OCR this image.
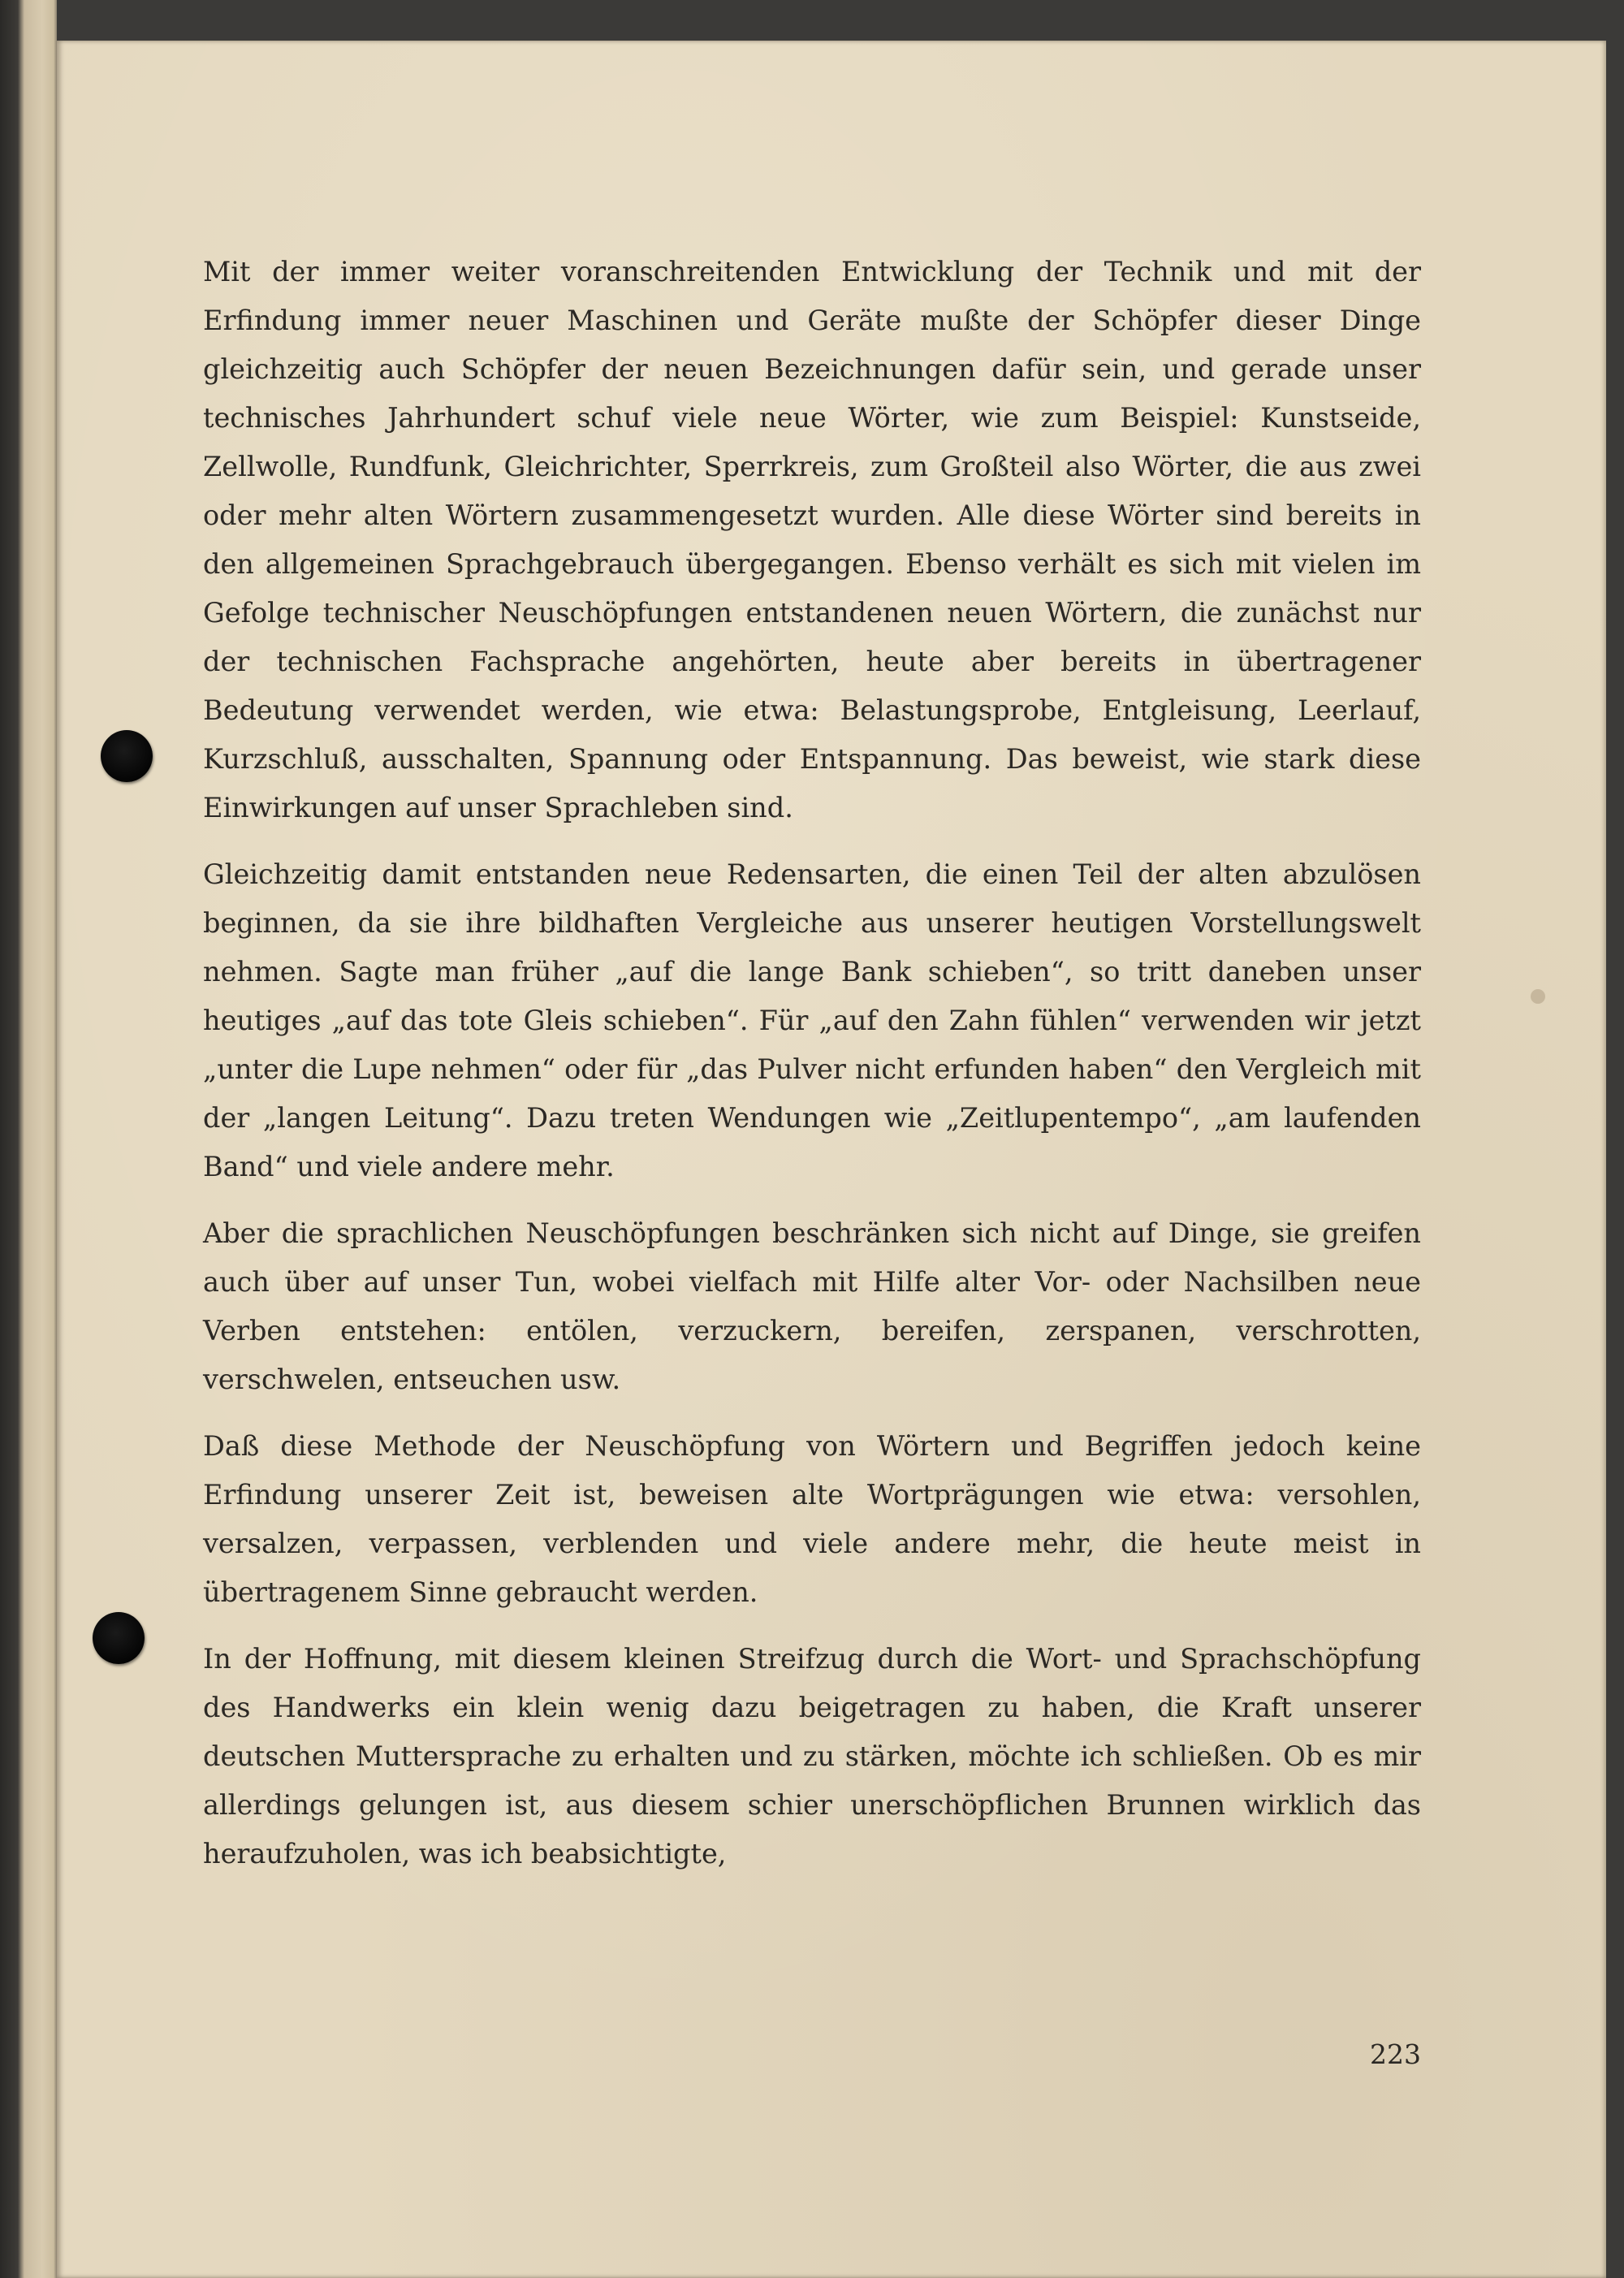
Mit der immer weiter voranschreitenden Entwicklung der Technik und mit der Erfindung immer neuer Maschinen und Geräte mußte der Schöpfer dieser Dinge gleichzeitig auch Schöpfer der neuen Bezeichnungen dafür sein, und gerade unser technisches Jahrhundert schuf viele neue Wörter, wie zum Beispiel: Kunstseide, Zellwolle, Rundfunk, Gleichrichter, Sperrkreis, zum Großteil also Wörter, die aus zwei oder mehr alten Wörtern zusammengesetzt wurden. Alle diese Wörter sind bereits in den allgemeinen Sprachgebrauch übergegangen. Ebenso verhält es sich mit vielen im Gefolge technischer Neuschöpfungen entstandenen neuen Wörtern, die zunächst nur der technischen Fachsprache angehörten, heute aber bereits in übertragener Bedeutung verwendet werden, wie etwa: Belastungsprobe, Entgleisung, Leerlauf, Kurzschluß, ausschalten, Spannung oder Entspannung. Das beweist, wie stark diese Einwirkungen auf unser Sprachleben sind.

Gleichzeitig damit entstanden neue Redensarten, die einen Teil der alten abzulösen beginnen, da sie ihre bildhaften Vergleiche aus unserer heutigen Vorstellungswelt nehmen. Sagte man früher „auf die lange Bank schieben“, so tritt daneben unser heutiges „auf das tote Gleis schieben“. Für „auf den Zahn fühlen“ verwenden wir jetzt „unter die Lupe nehmen“ oder für „das Pulver nicht erfunden haben“ den Vergleich mit der „langen Leitung“. Dazu treten Wendungen wie „Zeitlupentempo“, „am laufenden Band“ und viele andere mehr.

Aber die sprachlichen Neuschöpfungen beschränken sich nicht auf Dinge, sie greifen auch über auf unser Tun, wobei vielfach mit Hilfe alter Vor- oder Nachsilben neue Verben entstehen: entölen, verzuckern, bereifen, zerspanen, verschrotten, verschwelen, entseuchen usw.

Daß diese Methode der Neuschöpfung von Wörtern und Begriffen jedoch keine Erfindung unserer Zeit ist, beweisen alte Wortprägungen wie etwa: versohlen, versalzen, verpassen, verblenden und viele andere mehr, die heute meist in übertragenem Sinne gebraucht werden.

In der Hoffnung, mit diesem kleinen Streifzug durch die Wort- und Sprachschöpfung des Handwerks ein klein wenig dazu beigetragen zu haben, die Kraft unserer deutschen Muttersprache zu erhalten und zu stärken, möchte ich schließen. Ob es mir allerdings gelungen ist, aus diesem schier unerschöpflichen Brunnen wirklich das heraufzuholen, was ich beabsichtigte,

223
